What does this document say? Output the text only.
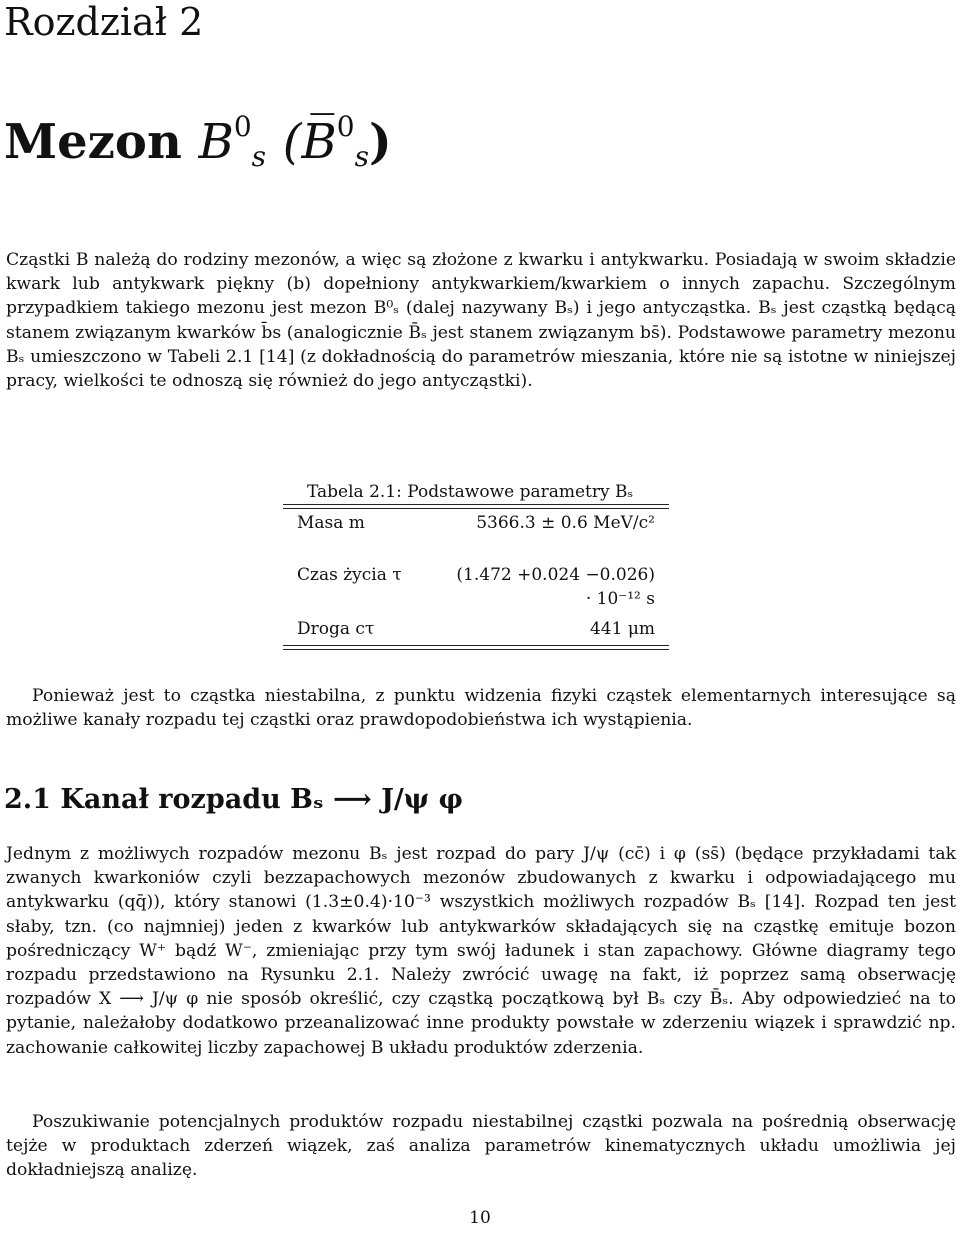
Rozdział 2
Mezon $B^0_s$ (B̅$^0_s$)

Cząstki B należą do rodziny mezonów, a więc są złożone z kwarku i antykwarku. Posiadają w swoim składzie kwark lub antykwark piękny (b) dopełniony antykwarkiem/kwarkiem o innych zapachu. Szczególnym przypadkiem takiego mezonu jest mezon B⁰ₛ (dalej nazywany Bₛ) i jego antycząstka. Bₛ jest cząstką będącą stanem związanym kwarków b̄s (analogicznie B̄ₛ jest stanem związanym bs̄). Podstawowe parametry mezonu Bₛ umieszczono w Tabeli 2.1 [14] (z dokładnością do parametrów mieszania, które nie są istotne w niniejszej pracy, wielkości te odnoszą się również do jego antycząstki).

Tabela 2.1: Podstawowe parametry Bₛ
Masa m	5366.3 ± 0.6 MeV/c²
Czas życia τ	(1.472 +0.024 −0.026) · 10⁻¹² s
Droga cτ	441 μm

Ponieważ jest to cząstka niestabilna, z punktu widzenia fizyki cząstek elementarnych interesujące są możliwe kanały rozpadu tej cząstki oraz prawdopodobieństwa ich wystąpienia.

2.1 Kanał rozpadu Bₛ ⟶ J/ψ φ

Jednym z możliwych rozpadów mezonu Bₛ jest rozpad do pary J/ψ (cc̄) i φ (ss̄) (będące przykładami tak zwanych kwarkoniów czyli bezzapachowych mezonów zbudowanych z kwarku i odpowiadającego mu antykwarku (qq̄)), który stanowi (1.3±0.4)·10⁻³ wszystkich możliwych rozpadów Bₛ [14]. Rozpad ten jest słaby, tzn. (co najmniej) jeden z kwarków lub antykwarków składających się na cząstkę emituje bozon pośredniczący W⁺ bądź W⁻, zmieniając przy tym swój ładunek i stan zapachowy. Główne diagramy tego rozpadu przedstawiono na Rysunku 2.1. Należy zwrócić uwagę na fakt, iż poprzez samą obserwację rozpadów X ⟶ J/ψ φ nie sposób określić, czy cząstką początkową był Bₛ czy B̄ₛ. Aby odpowiedzieć na to pytanie, należałoby dodatkowo przeanalizować inne produkty powstałe w zderzeniu wiązek i sprawdzić np. zachowanie całkowitej liczby zapachowej B układu produktów zderzenia.

Poszukiwanie potencjalnych produktów rozpadu niestabilnej cząstki pozwala na pośrednią obserwację tejże w produktach zderzeń wiązek, zaś analiza parametrów kinematycznych układu umożliwia jej dokładniejszą analizę.

10
